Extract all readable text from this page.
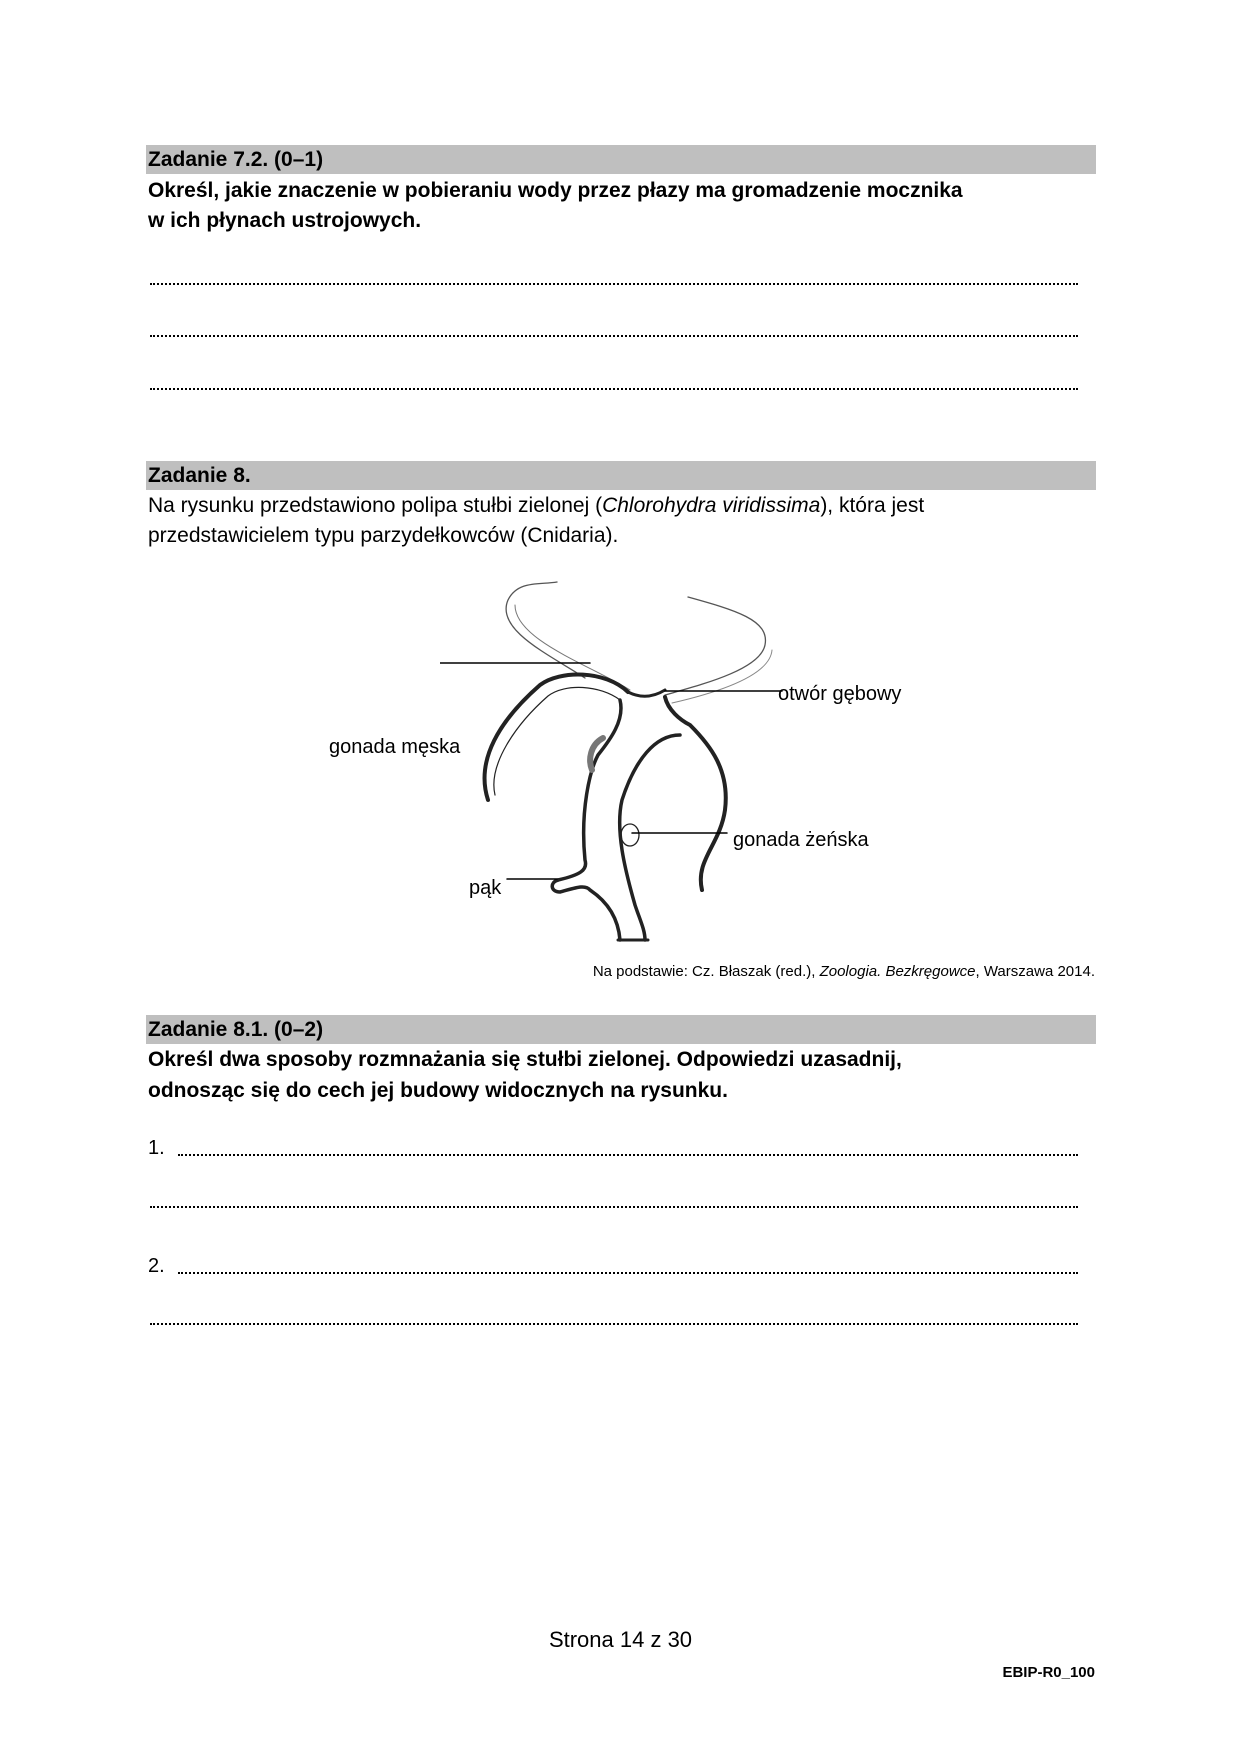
Zadanie 7.2. (0–1)
Określ, jakie znaczenie w pobieraniu wody przez płazy ma gromadzenie mocznika
w ich płynach ustrojowych.
Zadanie 8.
Na rysunku przedstawiono polipa stułbi zielonej (Chlorohydra viridissima), która jest
przedstawicielem typu parzydełkowców (Cnidaria).
otwór gębowy
gonada męska
gonada żeńska
pąk
Na podstawie: Cz. Błaszak (red.), Zoologia. Bezkręgowce, Warszawa 2014.
Zadanie 8.1. (0–2)
Określ dwa sposoby rozmnażania się stułbi zielonej. Odpowiedzi uzasadnij,
odnosząc się do cech jej budowy widocznych na rysunku.
1.
2.
Strona 14 z 30
EBIP-R0_100
